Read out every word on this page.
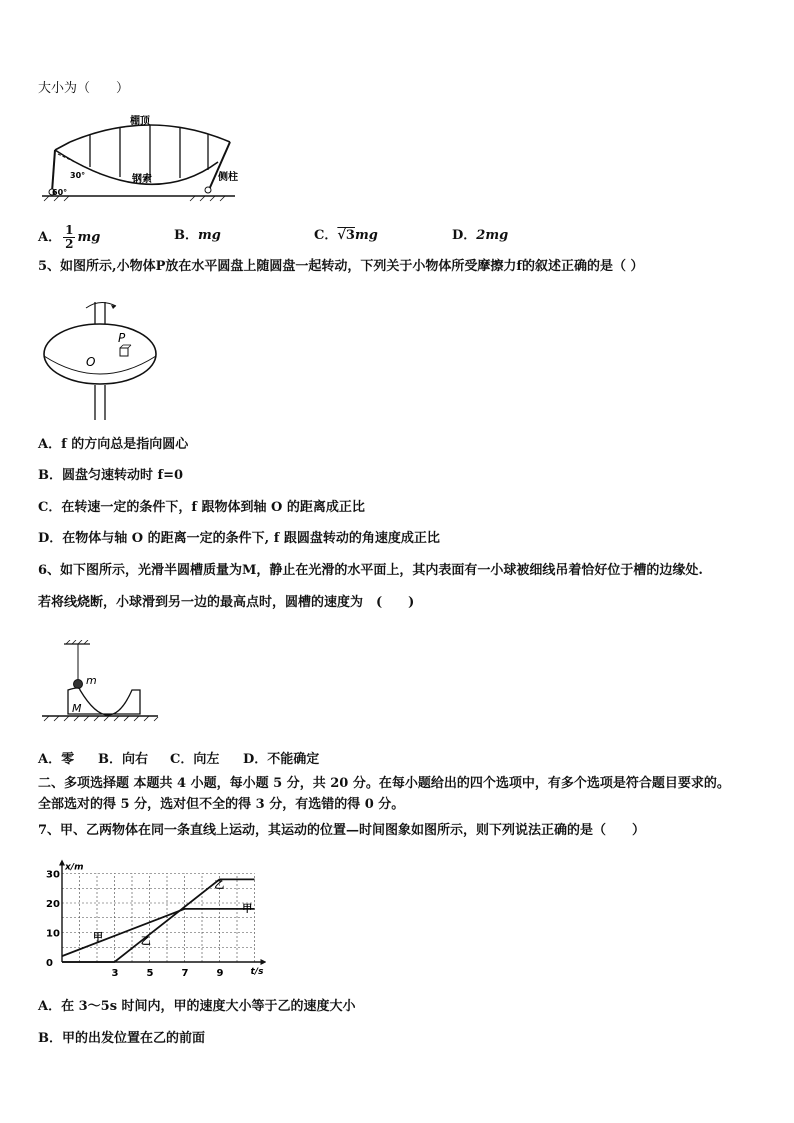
大小为（　　）
棚顶
钢索	侧柱
30°
60°
A． $\frac{1}{2}$ mg	B．mg	C．√3mg	D．2mg
5、如图所示,小物体P放在水平圆盘上随圆盘一起转动，下列关于小物体所受摩擦力f的叙述正确的是（ ）
P
O
A．f 的方向总是指向圆心
B．圆盘匀速转动时 f=0
C．在转速一定的条件下，f 跟物体到轴 O 的距离成正比
D．在物体与轴 O 的距离一定的条件下, f 跟圆盘转动的角速度成正比
6、如下图所示，光滑半圆槽质量为M，静止在光滑的水平面上，其内表面有一小球被细线吊着恰好位于槽的边缘处.
若将线烧断，小球滑到另一边的最高点时，圆槽的速度为　(　　)
m
M
A．零 B．向右 C．向左 D．不能确定
二、多项选择题 本题共 4 小题，每小题 5 分，共 20 分。在每小题给出的四个选项中，有多个选项是符合题目要求的。
全部选对的得 5 分，选对但不全的得 3 分，有选错的得 0 分。
7、甲、乙两物体在同一条直线上运动，其运动的位置—时间图象如图所示，则下列说法正确的是（　　）
t/s
x/m
3	5	7	9
0
10
20
30
甲
甲
乙
乙
A．在 3～5s 时间内，甲的速度大小等于乙的速度大小
B．甲的出发位置在乙的前面
